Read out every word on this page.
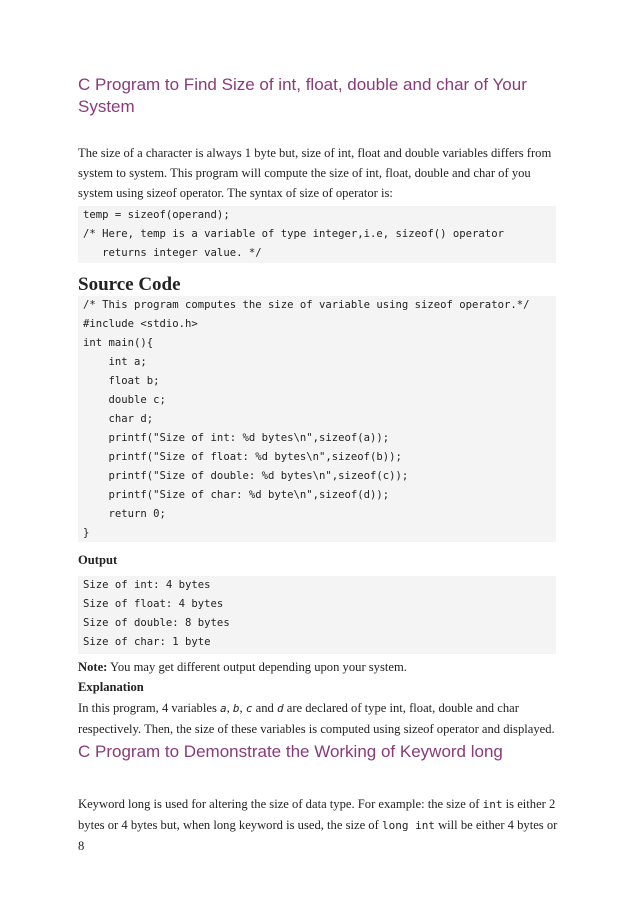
C Program to Find Size of int, float, double and char of Your
System

The size of a character is always 1 byte but, size of int, float and double variables differs from
system to system. This program will compute the size of int, float, double and char of you
system using sizeof operator. The syntax of size of operator is:

temp = sizeof(operand);
/* Here, temp is a variable of type integer,i.e, sizeof() operator
returns integer value. */
Source Code
/* This program computes the size of variable using sizeof operator.*/
#include <stdio.h>
int main(){
int a;
float b;
double c;
char d;
printf("Size of int: %d bytes\n",sizeof(a));
printf("Size of float: %d bytes\n",sizeof(b));
printf("Size of double: %d bytes\n",sizeof(c));
printf("Size of char: %d byte\n",sizeof(d));
return 0;
}

Output

Size of int: 4 bytes
Size of float: 4 bytes
Size of double: 8 bytes
Size of char: 1 byte

Note: You may get different output depending upon your system.

Explanation

In this program, 4 variables a, b, c and d are declared of type int, float, double and char
respectively. Then, the size of these variables is computed using sizeof operator and displayed.

C Program to Demonstrate the Working of Keyword long

Keyword long is used for altering the size of data type. For example: the size of int is either 2
bytes or 4 bytes but, when long keyword is used, the size of long int will be either 4 bytes or 8
